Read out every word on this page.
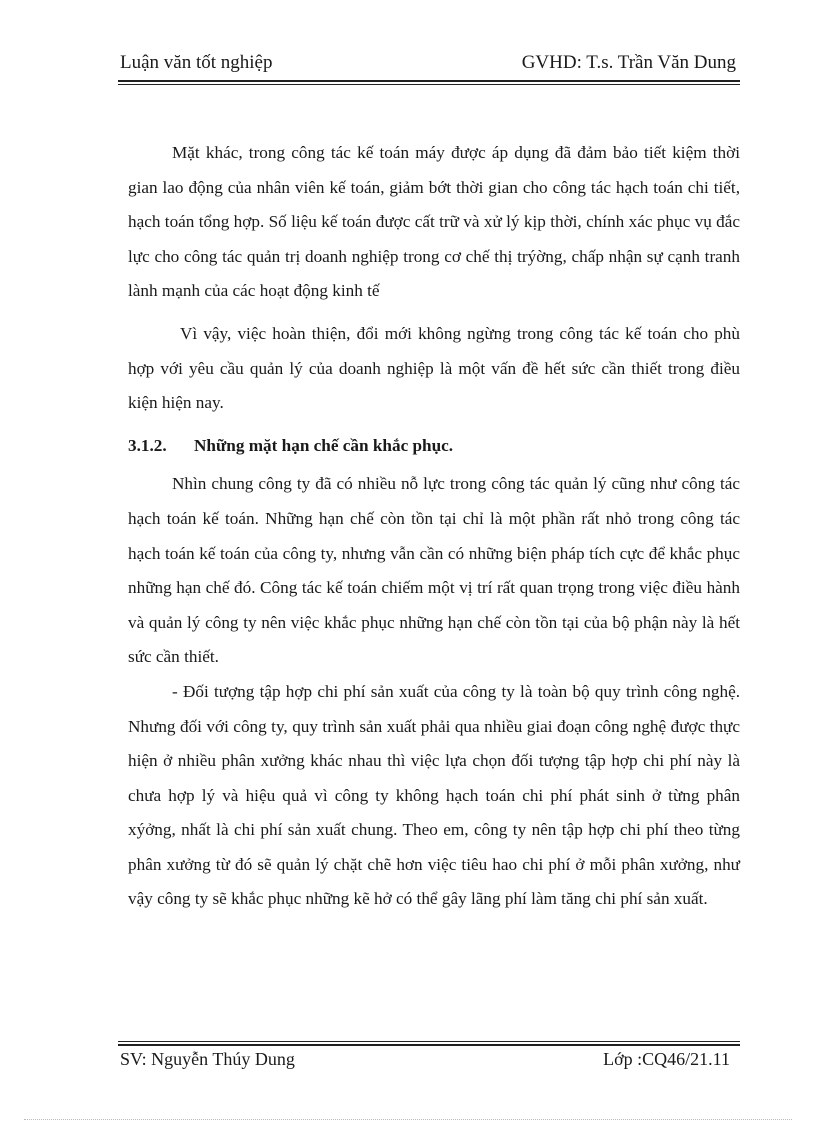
Luận văn tốt nghiệp	GVHD: T.s. Trần Văn Dung

Mặt khác, trong công tác kế toán máy được áp dụng đã đảm bảo tiết kiệm thời gian lao động của nhân viên kế toán, giảm bớt thời gian cho công tác hạch toán chi tiết, hạch toán tổng hợp. Số liệu kế toán được cất trữ và xử lý kịp thời, chính xác phục vụ đắc lực cho công tác quản trị doanh nghiệp trong cơ chế thị trýờng, chấp nhận sự cạnh tranh lành mạnh của các hoạt động kinh tế

Vì vậy, việc hoàn thiện, đổi mới không ngừng trong công tác kế toán cho phù hợp với yêu cầu quản lý của doanh nghiệp là một vấn đề hết sức cần thiết trong điều kiện hiện nay.

3.1.2. Những mặt hạn chế cần khắc phục.

Nhìn chung công ty đã có nhiều nỗ lực trong công tác quản lý cũng như công tác hạch toán kế toán. Những hạn chế còn tồn tại chỉ là một phần rất nhỏ trong công tác hạch toán kế toán của công ty, nhưng vẫn cần có những biện pháp tích cực để khắc phục những hạn chế đó. Công tác kế toán chiếm một vị trí rất quan trọng trong việc điều hành và quản lý công ty nên việc khắc phục những hạn chế còn tồn tại của bộ phận này là hết sức cần thiết.

- Đối tượng tập hợp chi phí sản xuất của công ty là toàn bộ quy trình công nghệ. Nhưng đối với công ty, quy trình sản xuất phải qua nhiều giai đoạn công nghệ được thực hiện ở nhiều phân xưởng khác nhau thì việc lựa chọn đối tượng tập hợp chi phí này là chưa hợp lý và hiệu quả vì công ty không hạch toán chi phí phát sinh ở từng phân xýởng, nhất là chi phí sản xuất chung. Theo em, công ty nên tập hợp chi phí theo từng phân xưởng từ đó sẽ quản lý chặt chẽ hơn việc tiêu hao chi phí ở mỗi phân xưởng, như vậy công ty sẽ khắc phục những kẽ hở có thể gây lãng phí làm tăng chi phí sản xuất.

SV: Nguyễn Thúy Dung	Lớp :CQ46/21.11
